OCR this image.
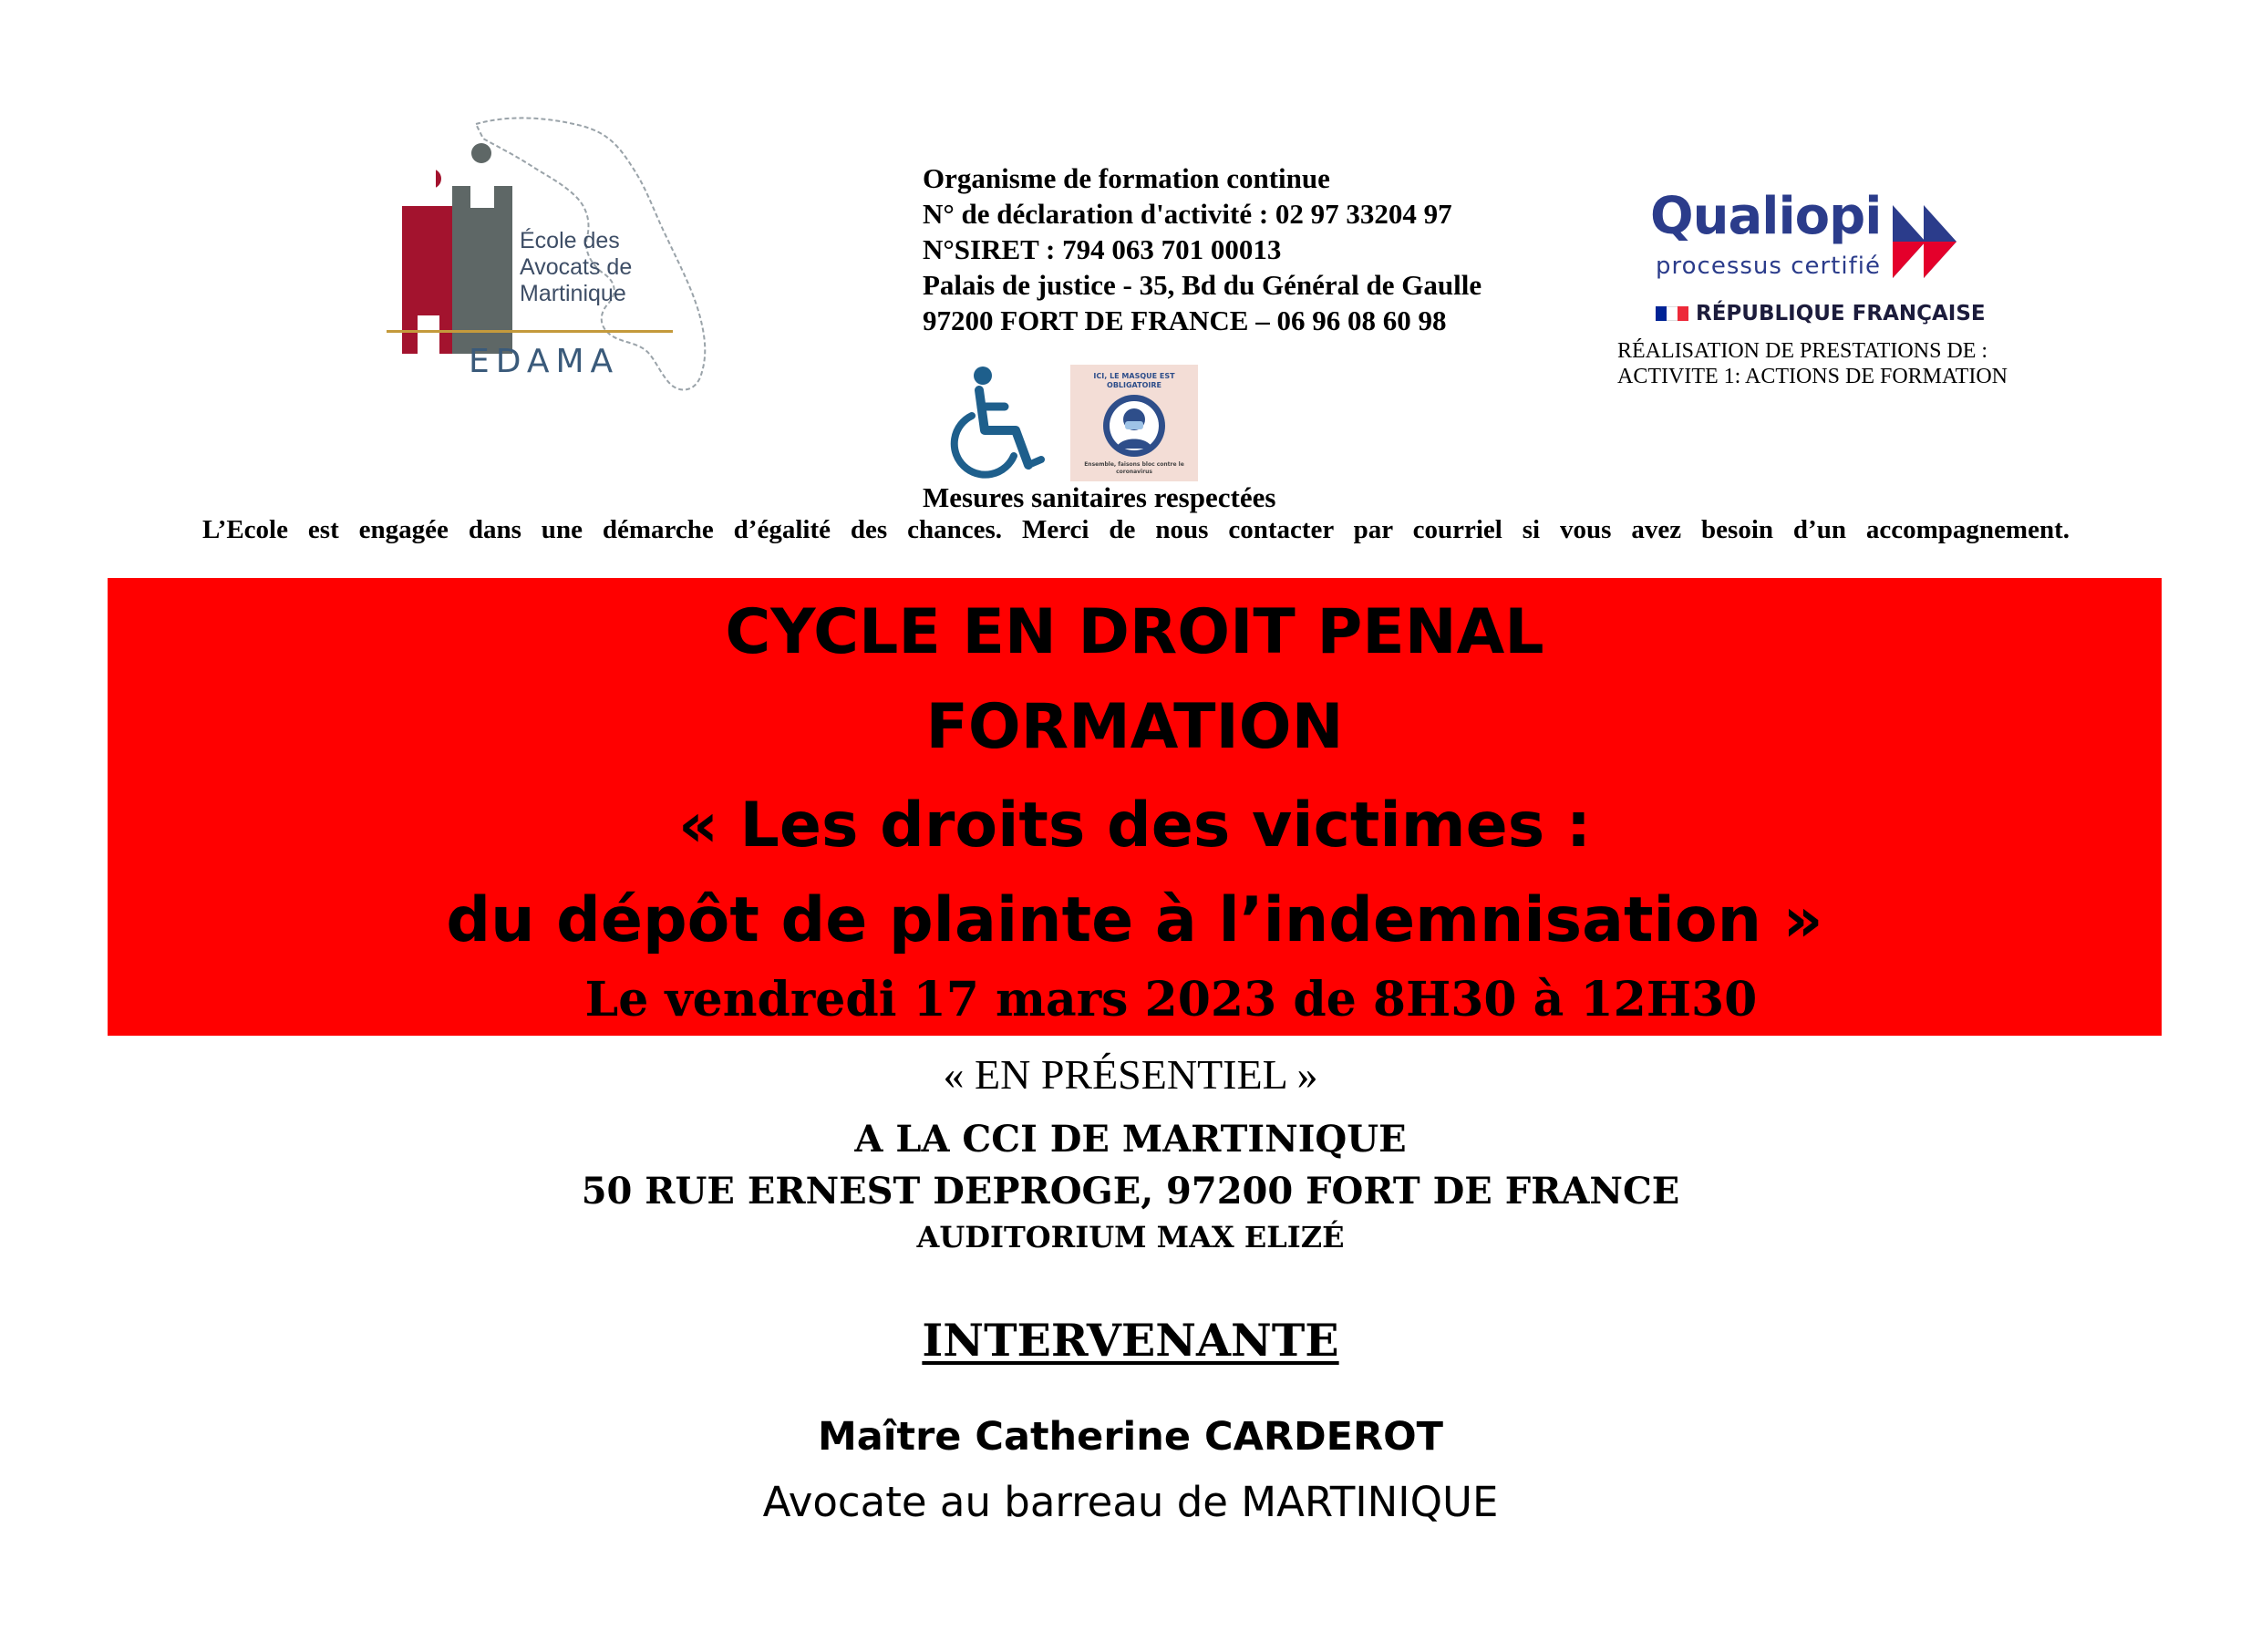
École des
Avocats de
Martinique
EDAMA
Organisme de formation continue
N° de déclaration d'activité : 02 97 33204 97
N°SIRET : 794 063 701 00013
Palais de justice - 35, Bd du Général de Gaulle
97200 FORT DE FRANCE – 06 96 08 60 98
ICI, LE MASQUE EST OBLIGATOIRE
Ensemble, faisons bloc contre le coronavirus
Mesures sanitaires respectées
Qualiopi
processus certifié
RÉPUBLIQUE FRANÇAISE
RÉALISATION DE PRESTATIONS DE :
ACTIVITE 1: ACTIONS DE FORMATION
L’Ecole est engagée dans une démarche d’égalité des chances. Merci de nous contacter par courriel si vous avez besoin d’un accompagnement.
CYCLE EN DROIT PENAL
FORMATION
« Les droits des victimes :
du dépôt de plainte à l’indemnisation »
Le vendredi 17 mars 2023 de 8H30 à 12H30
« EN PRÉSENTIEL »
A LA CCI DE MARTINIQUE
50 RUE ERNEST DEPROGE, 97200 FORT DE FRANCE
AUDITORIUM MAX ELIZÉ
INTERVENANTE
Maître Catherine CARDEROT
Avocate au barreau de MARTINIQUE
